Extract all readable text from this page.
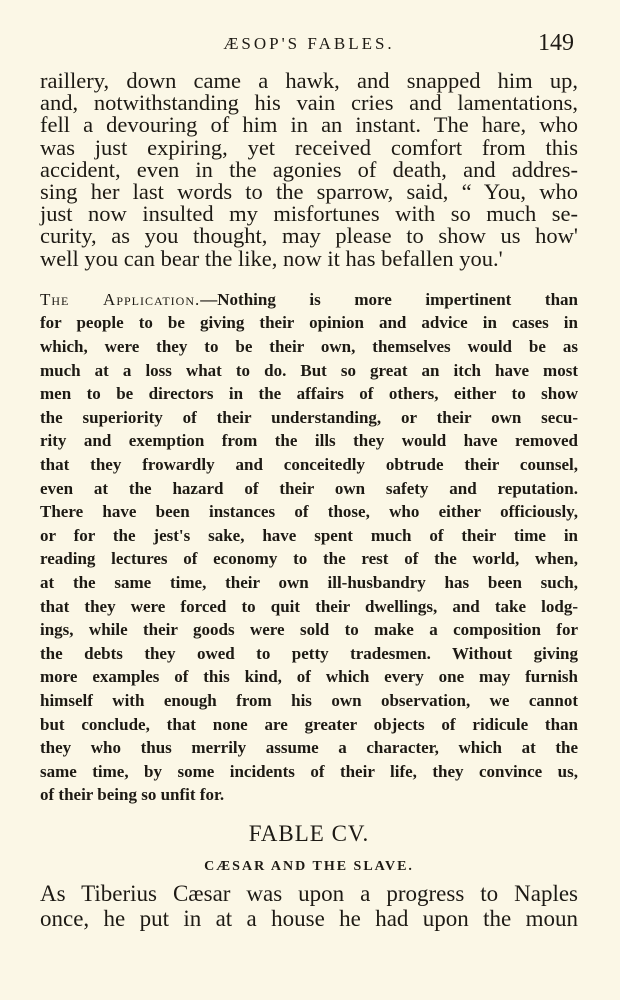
ÆSOP'S FABLES.	149

raillery, down came a hawk, and snapped him up,

and, notwithstanding his vain cries and lamentations,

fell a devouring of him in an instant. The hare, who

was just expiring, yet received comfort from this

accident, even in the agonies of death, and addres-

sing her last words to the sparrow, said, “ You, who

just now insulted my misfortunes with so much se-

curity, as you thought, may please to show us how'

well you can bear the like, now it has befallen you.'

The Application.—Nothing is more impertinent than

for people to be giving their opinion and advice in cases in

which, were they to be their own, themselves would be as

much at a loss what to do. But so great an itch have most

men to be directors in the affairs of others, either to show

the superiority of their understanding, or their own secu-

rity and exemption from the ills they would have removed

that they frowardly and conceitedly obtrude their counsel,

even at the hazard of their own safety and reputation.

There have been instances of those, who either officiously,

or for the jest's sake, have spent much of their time in

reading lectures of economy to the rest of the world, when,

at the same time, their own ill-husbandry has been such,

that they were forced to quit their dwellings, and take lodg-

ings, while their goods were sold to make a composition for

the debts they owed to petty tradesmen. Without giving

more examples of this kind, of which every one may furnish

himself with enough from his own observation, we cannot

but conclude, that none are greater objects of ridicule than

they who thus merrily assume a character, which at the

same time, by some incidents of their life, they convince us,

of their being so unfit for.

FABLE CV.
CÆSAR AND THE SLAVE.

As Tiberius Cæsar was upon a progress to Naples

once, he put in at a house he had upon the moun
